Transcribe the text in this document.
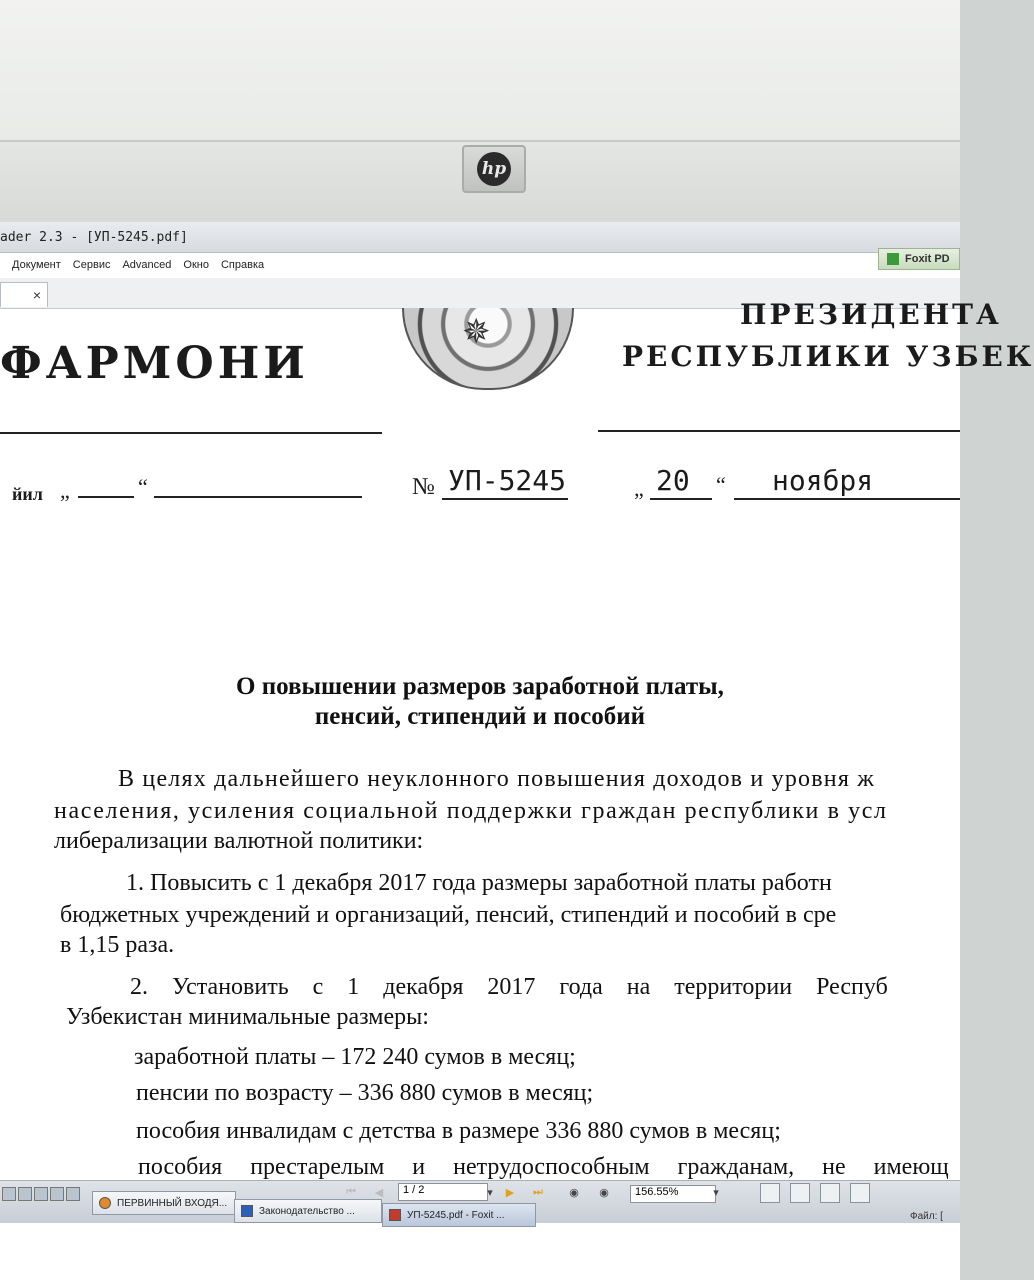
hp
ader 2.3 - [УП-5245.pdf]
Foxit PD
Документ Сервис Advanced Окно Справка
×
✵
ФАРМОНИ
ПРЕЗИДЕНТА
РЕСПУБЛИКИ УЗБЕК
йил „	“	№ УП-5245	„ 20 “ ноября
О повышении размеров заработной платы,
пенсий, стипендий и пособий
В целях дальнейшего неуклонного повышения доходов и уровня ж
населения, усиления социальной поддержки граждан республики в усл
либерализации валютной политики:
1. Повысить с 1 декабря 2017 года размеры заработной платы работн
бюджетных учреждений и организаций, пенсий, стипендий и пособий в сре
в 1,15 раза.
2. Установить с 1 декабря 2017 года на территории Респуб
Узбекистан минимальные размеры:
заработной платы – 172 240 сумов в месяц;
пенсии по возрасту – 336 880 сумов в месяц;
пособия инвалидам с детства в размере 336 880 сумов в месяц;
пособия престарелым и нетрудоспособным гражданам, не имеющ
ПЕРВИННЫЙ ВХОДЯ...
Законодательство ...	УП-5245.pdf - Foxit ...
⏮ ◀	1 / 2	▾	▶	⏭ ◉ ◉	156.55%	▾
Файл: [
